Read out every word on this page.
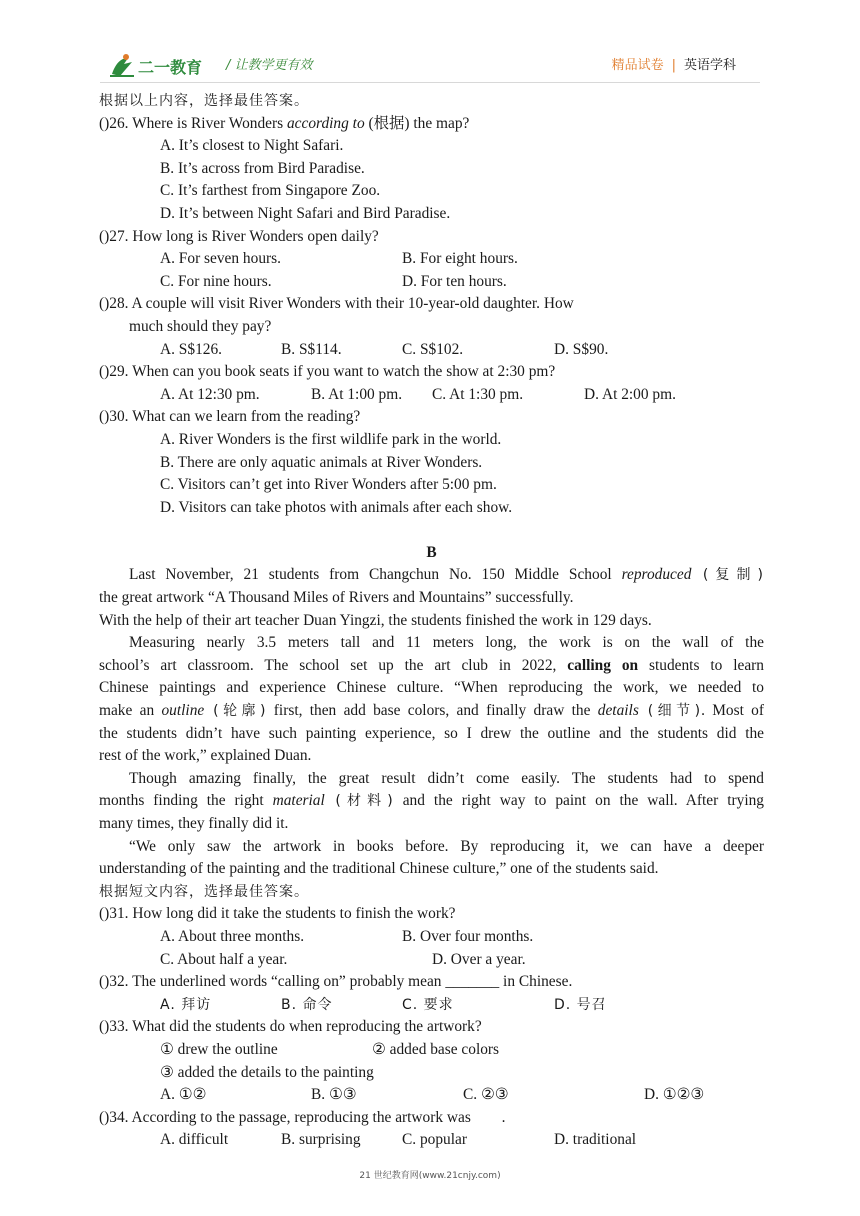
二一教育 / 让教学更有效	精品试卷 | 英语学科
根据以上内容，选择最佳答案。
()26. Where is River Wonders according to (根据) the map?
A. It’s closest to Night Safari.
B. It’s across from Bird Paradise.
C. It’s farthest from Singapore Zoo.
D. It’s between Night Safari and Bird Paradise.
()27. How long is River Wonders open daily?
A. For seven hours.	B. For eight hours.
C. For nine hours.	D. For ten hours.
()28. A couple will visit River Wonders with their 10-year-old daughter. How
much should they pay?
A. S$126.	B. S$114.	C. S$102.	D. S$90.
()29. When can you book seats if you want to watch the show at 2:30 pm?
A. At 12:30 pm.	B. At 1:00 pm. C. At 1:30 pm.	D. At 2:00 pm.
()30. What can we learn from the reading?
A. River Wonders is the first wildlife park in the world.
B. There are only aquatic animals at River Wonders.
C. Visitors can’t get into River Wonders after 5:00 pm.
D. Visitors can take photos with animals after each show.
B
Last November, 21 students from Changchun No. 150 Middle School reproduced (复制)
the great artwork “A Thousand Miles of Rivers and Mountains” successfully.
With the help of their art teacher Duan Yingzi, the students finished the work in 129 days.
Measuring nearly 3.5 meters tall and 11 meters long, the work is on the wall of the
school’s art classroom. The school set up the art club in 2022, calling on students to learn
Chinese paintings and experience Chinese culture. “When reproducing the work, we needed to
make an outline (轮廓) first, then add base colors, and finally draw the details (细节). Most of
the students didn’t have such painting experience, so I drew the outline and the students did the
rest of the work,” explained Duan.
Though amazing finally, the great result didn’t come easily. The students had to spend
months finding the right material (材料) and the right way to paint on the wall. After trying
many times, they finally did it.
“We only saw the artwork in books before. By reproducing it, we can have a deeper
understanding of the painting and the traditional Chinese culture,” one of the students said.
根据短文内容，选择最佳答案。
()31. How long did it take the students to finish the work?
A. About three months.	B. Over four months.
C. About half a year.	D. Over a year.
()32. The underlined words “calling on” probably mean _______ in Chinese.
A. 拜访	B. 命令	C. 要求	D. 号召
()33. What did the students do when reproducing the artwork?
① drew the outline	② added base colors
③ added the details to the painting
A. ①②	B. ①③	C. ②③	D. ①②③
()34. According to the passage, reproducing the artwork was        .
A. difficult	B. surprising	C. popular	D. traditional
21 世纪教育网(www.21cnjy.com)
